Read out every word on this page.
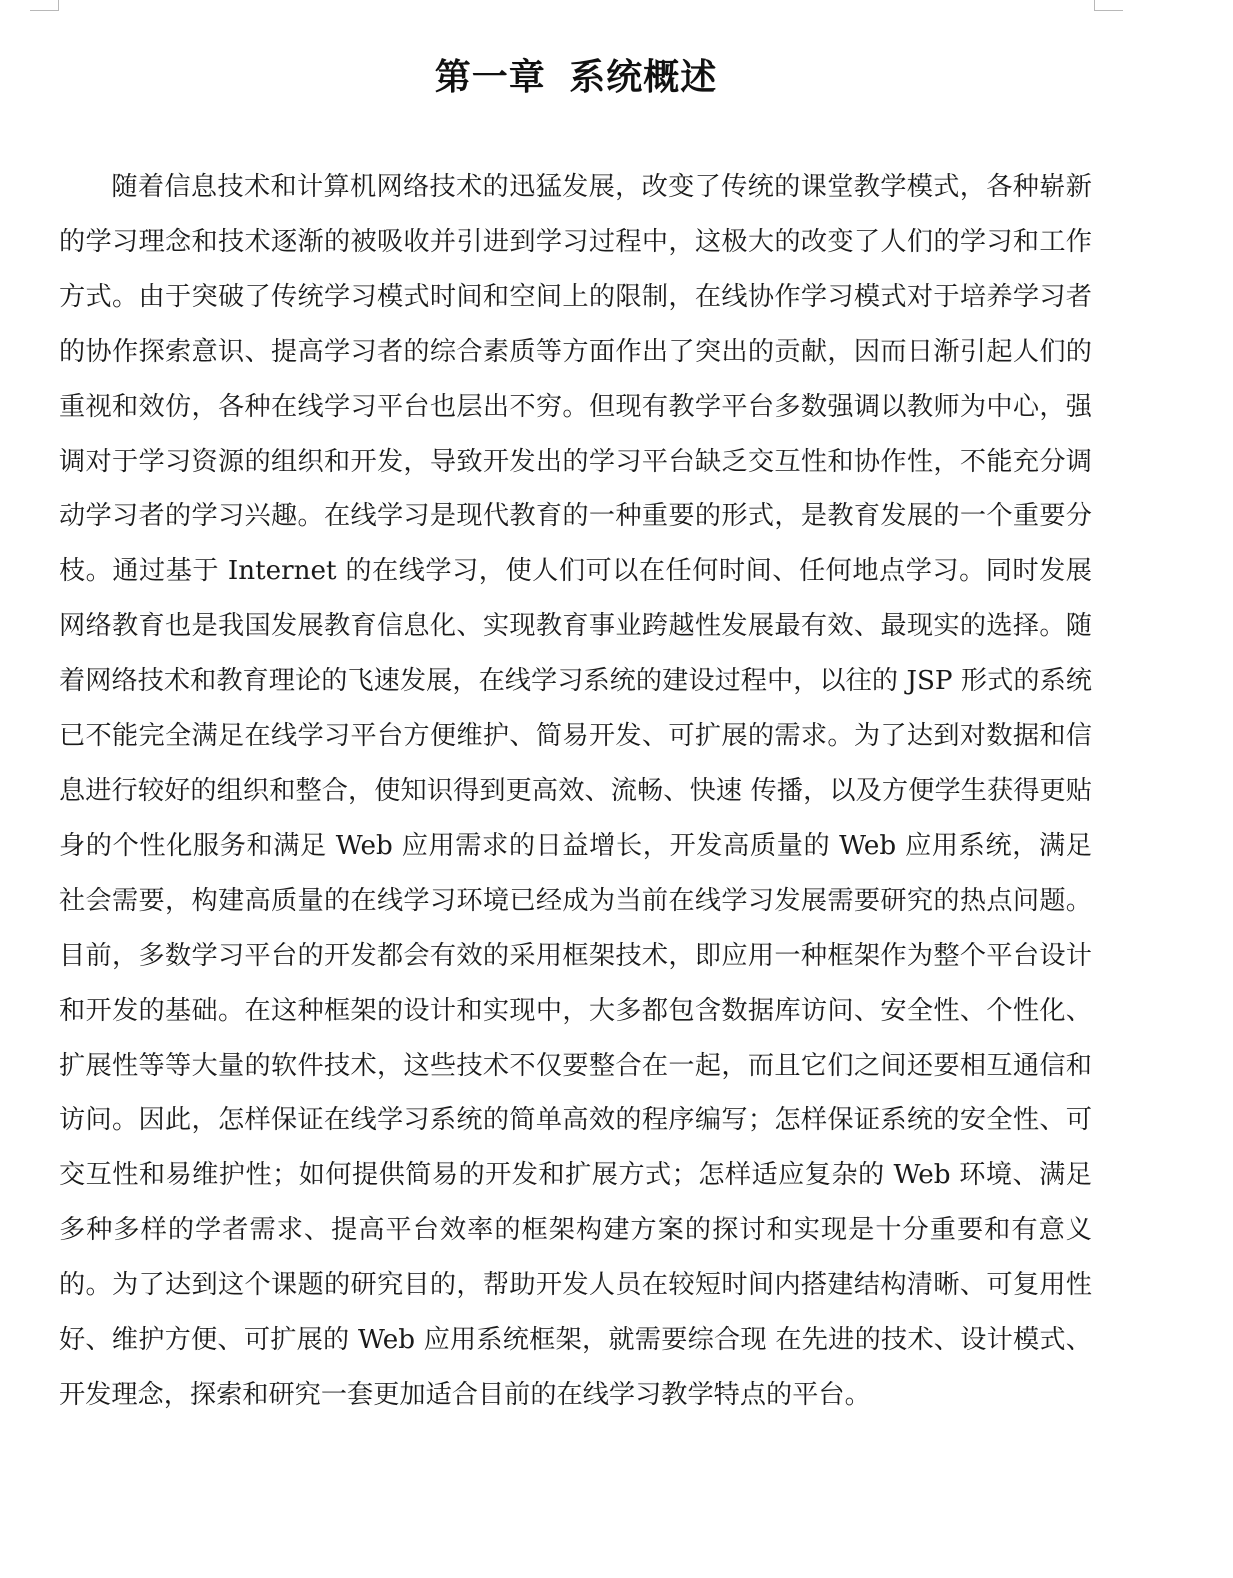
第一章 系统概述

随着信息技术和计算机网络技术的迅猛发展，改变了传统的课堂教学模式，各种崭新的学习理念和技术逐渐的被吸收并引进到学习过程中，这极大的改变了人们的学习和工作方式。由于突破了传统学习模式时间和空间上的限制，在线协作学习模式对于培养学习者的协作探索意识、提高学习者的综合素质等方面作出了突出的贡献，因而日渐引起人们的重视和效仿，各种在线学习平台也层出不穷。但现有教学平台多数强调以教师为中心，强调对于学习资源的组织和开发，导致开发出的学习平台缺乏交互性和协作性，不能充分调动学习者的学习兴趣。在线学习是现代教育的一种重要的形式，是教育发展的一个重要分枝。通过基于 Internet 的在线学习，使人们可以在任何时间、任何地点学习。同时发展网络教育也是我国发展教育信息化、实现教育事业跨越性发展最有效、最现实的选择。随着网络技术和教育理论的飞速发展，在线学习系统的建设过程中，以往的 JSP 形式的系统已不能完全满足在线学习平台方便维护、简易开发、可扩展的需求。为了达到对数据和信息进行较好的组织和整合，使知识得到更高效、流畅、快速 传播，以及方便学生获得更贴身的个性化服务和满足 Web 应用需求的日益增长，开发高质量的 Web 应用系统，满足社会需要，构建高质量的在线学习环境已经成为当前在线学习发展需要研究的热点问题。目前，多数学习平台的开发都会有效的采用框架技术，即应用一种框架作为整个平台设计和开发的基础。在这种框架的设计和实现中，大多都包含数据库访问、安全性、个性化、扩展性等等大量的软件技术，这些技术不仅要整合在一起，而且它们之间还要相互通信和访问。因此，怎样保证在线学习系统的简单高效的程序编写；怎样保证系统的安全性、可交互性和易维护性；如何提供简易的开发和扩展方式；怎样适应复杂的 Web 环境、满足多种多样的学者需求、提高平台效率的框架构建方案的探讨和实现是十分重要和有意义的。为了达到这个课题的研究目的，帮助开发人员在较短时间内搭建结构清晰、可复用性好、维护方便、可扩展的 Web 应用系统框架，就需要综合现 在先进的技术、设计模式、开发理念，探索和研究一套更加适合目前的在线学习教学特点的平台。
